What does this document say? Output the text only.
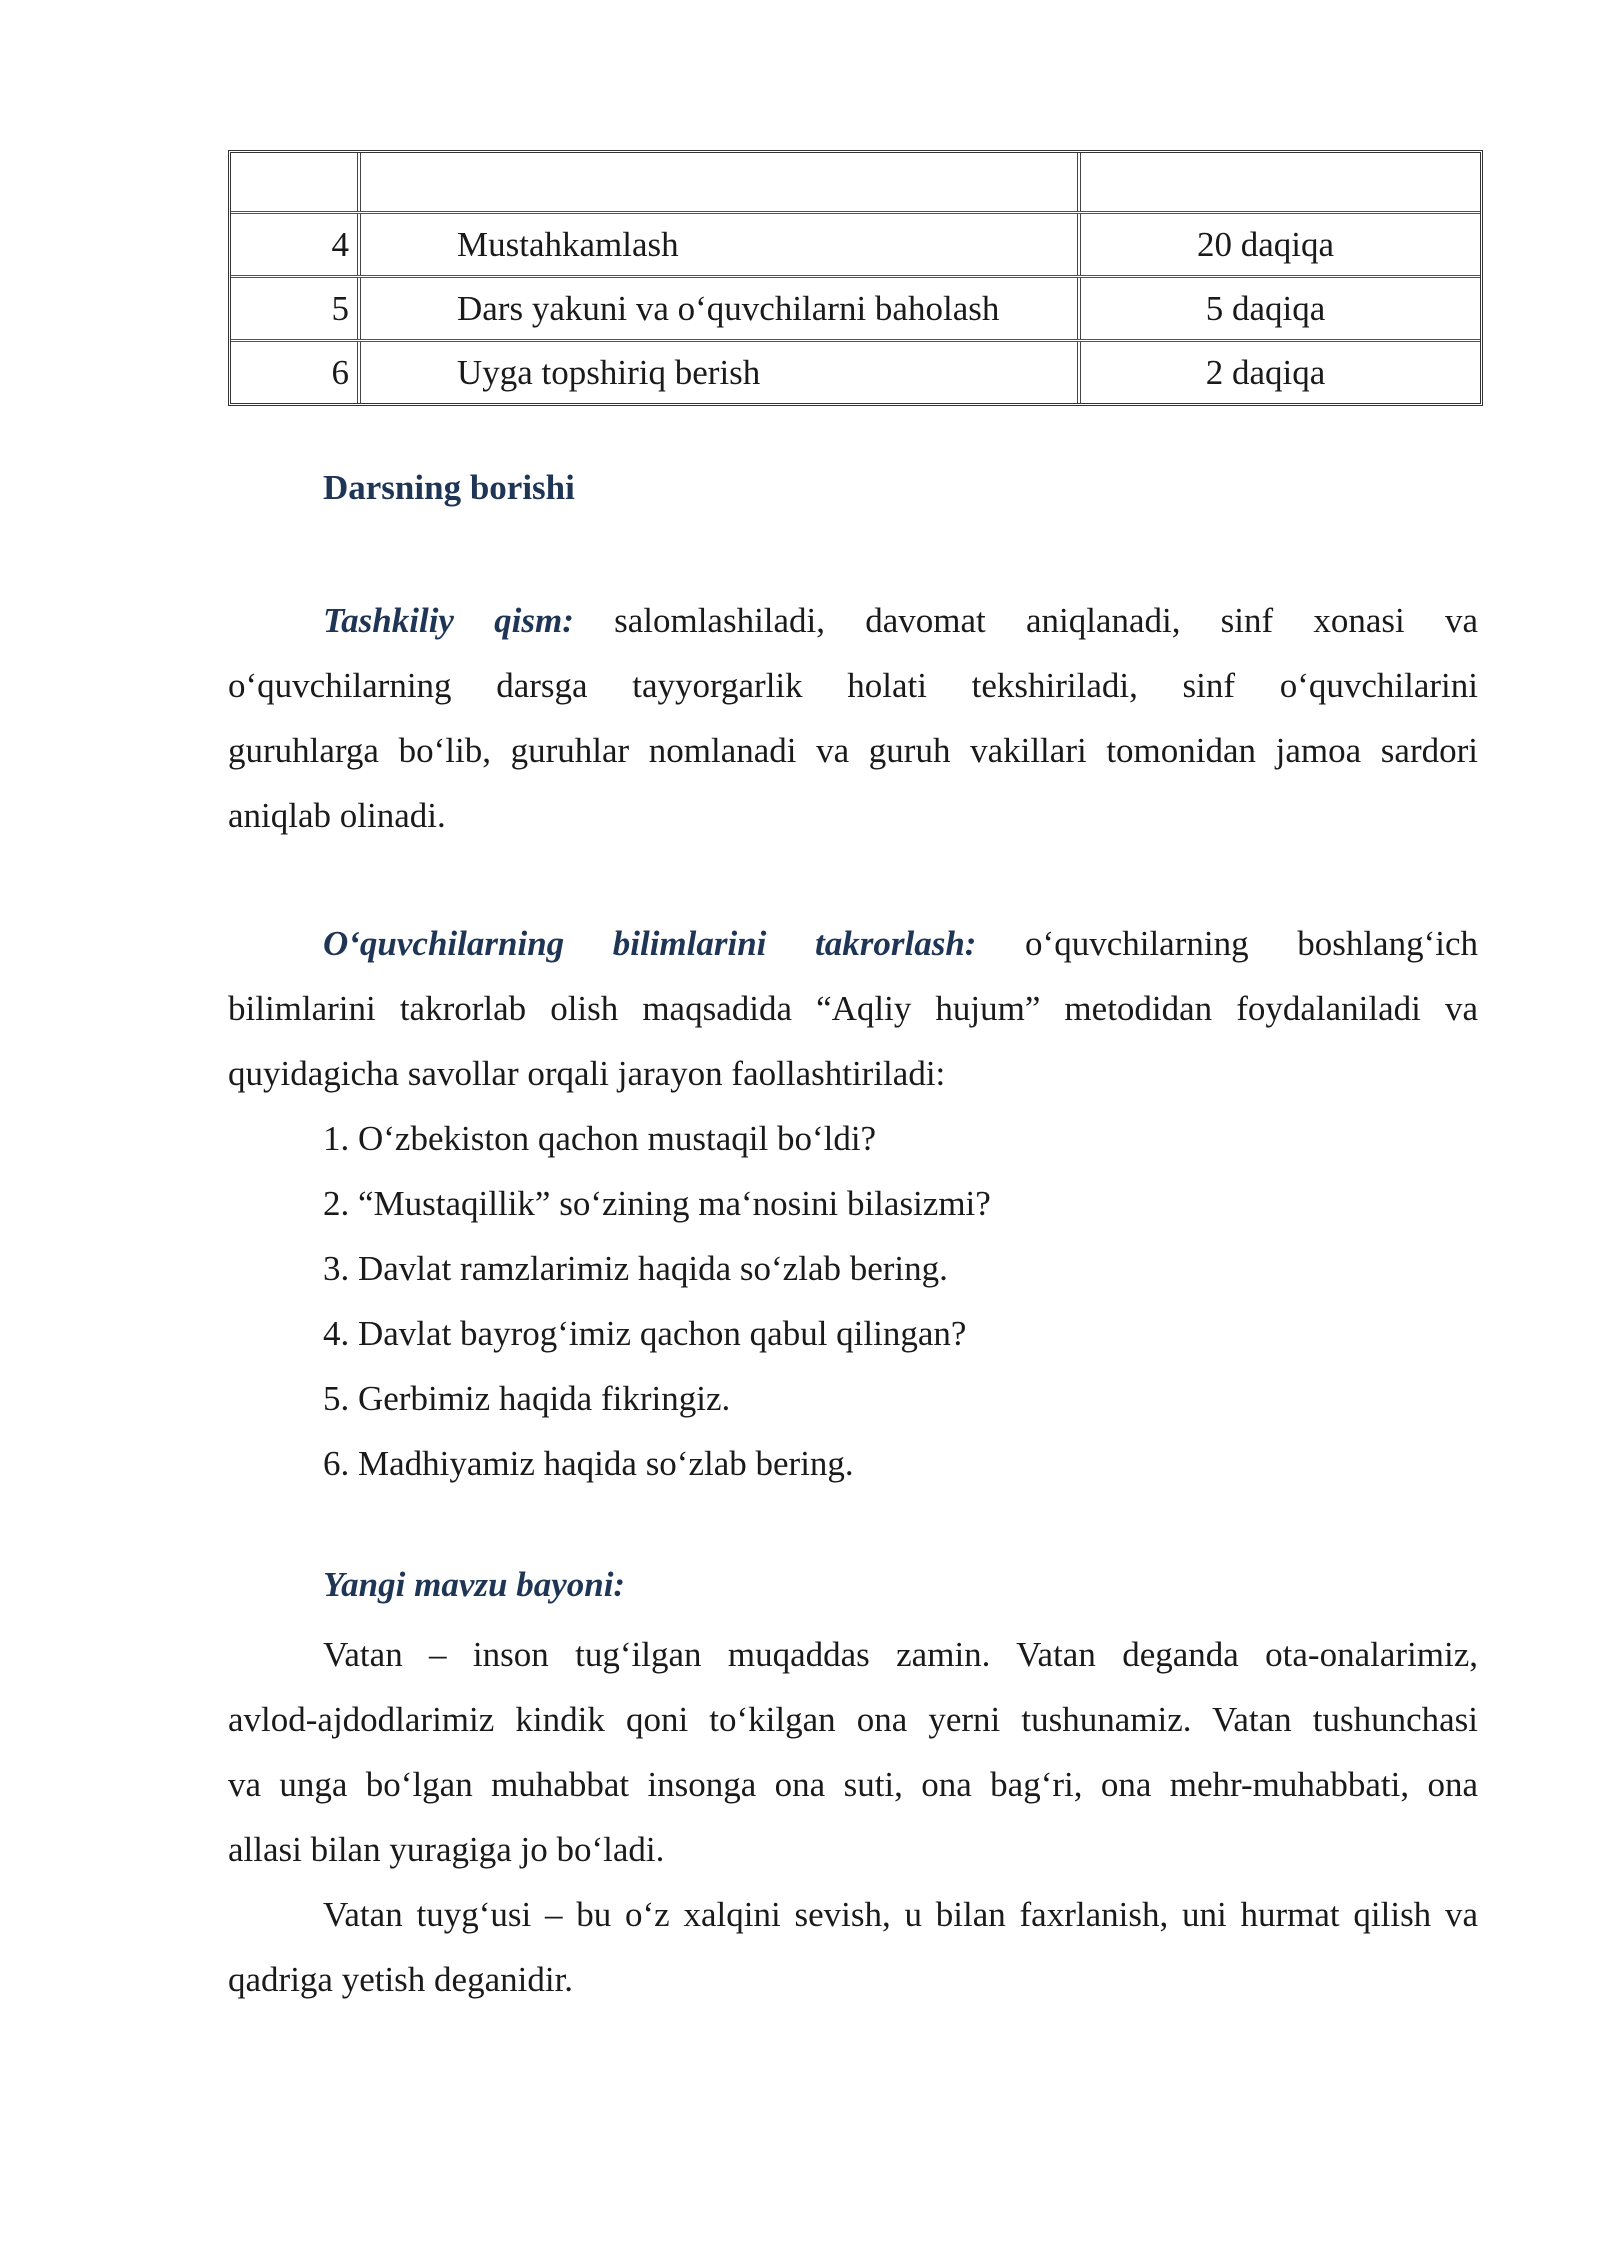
4	Mustahkamlash	20 daqiqa
5	Dars yakuni va o‘quvchilarni baholash	5 daqiqa
6	Uyga topshiriq berish	2 daqiqa
Darsning borishi
Tashkiliy qism: salomlashiladi, davomat aniqlanadi, sinf xonasi va
o‘quvchilarning darsga tayyorgarlik holati tekshiriladi, sinf o‘quvchilarini
guruhlarga bo‘lib, guruhlar nomlanadi va guruh vakillari tomonidan jamoa sardori
aniqlab olinadi.
O‘quvchilarning bilimlarini takrorlash: o‘quvchilarning boshlang‘ich
bilimlarini takrorlab olish maqsadida “Aqliy hujum” metodidan foydalaniladi va
quyidagicha savollar orqali jarayon faollashtiriladi:
1. O‘zbekiston qachon mustaqil bo‘ldi?
2. “Mustaqillik” so‘zining ma‘nosini bilasizmi?
3. Davlat ramzlarimiz haqida so‘zlab bering.
4. Davlat bayrog‘imiz qachon qabul qilingan?
5. Gerbimiz haqida fikringiz.
6. Madhiyamiz haqida so‘zlab bering.
Yangi mavzu bayoni:
Vatan – inson tug‘ilgan muqaddas zamin. Vatan deganda ota-onalarimiz,
avlod-ajdodlarimiz kindik qoni to‘kilgan ona yerni tushunamiz. Vatan tushunchasi
va unga bo‘lgan muhabbat insonga ona suti, ona bag‘ri, ona mehr-muhabbati, ona
allasi bilan yuragiga jo bo‘ladi.
Vatan tuyg‘usi – bu o‘z xalqini sevish, u bilan faxrlanish, uni hurmat qilish va
qadriga yetish deganidir.
